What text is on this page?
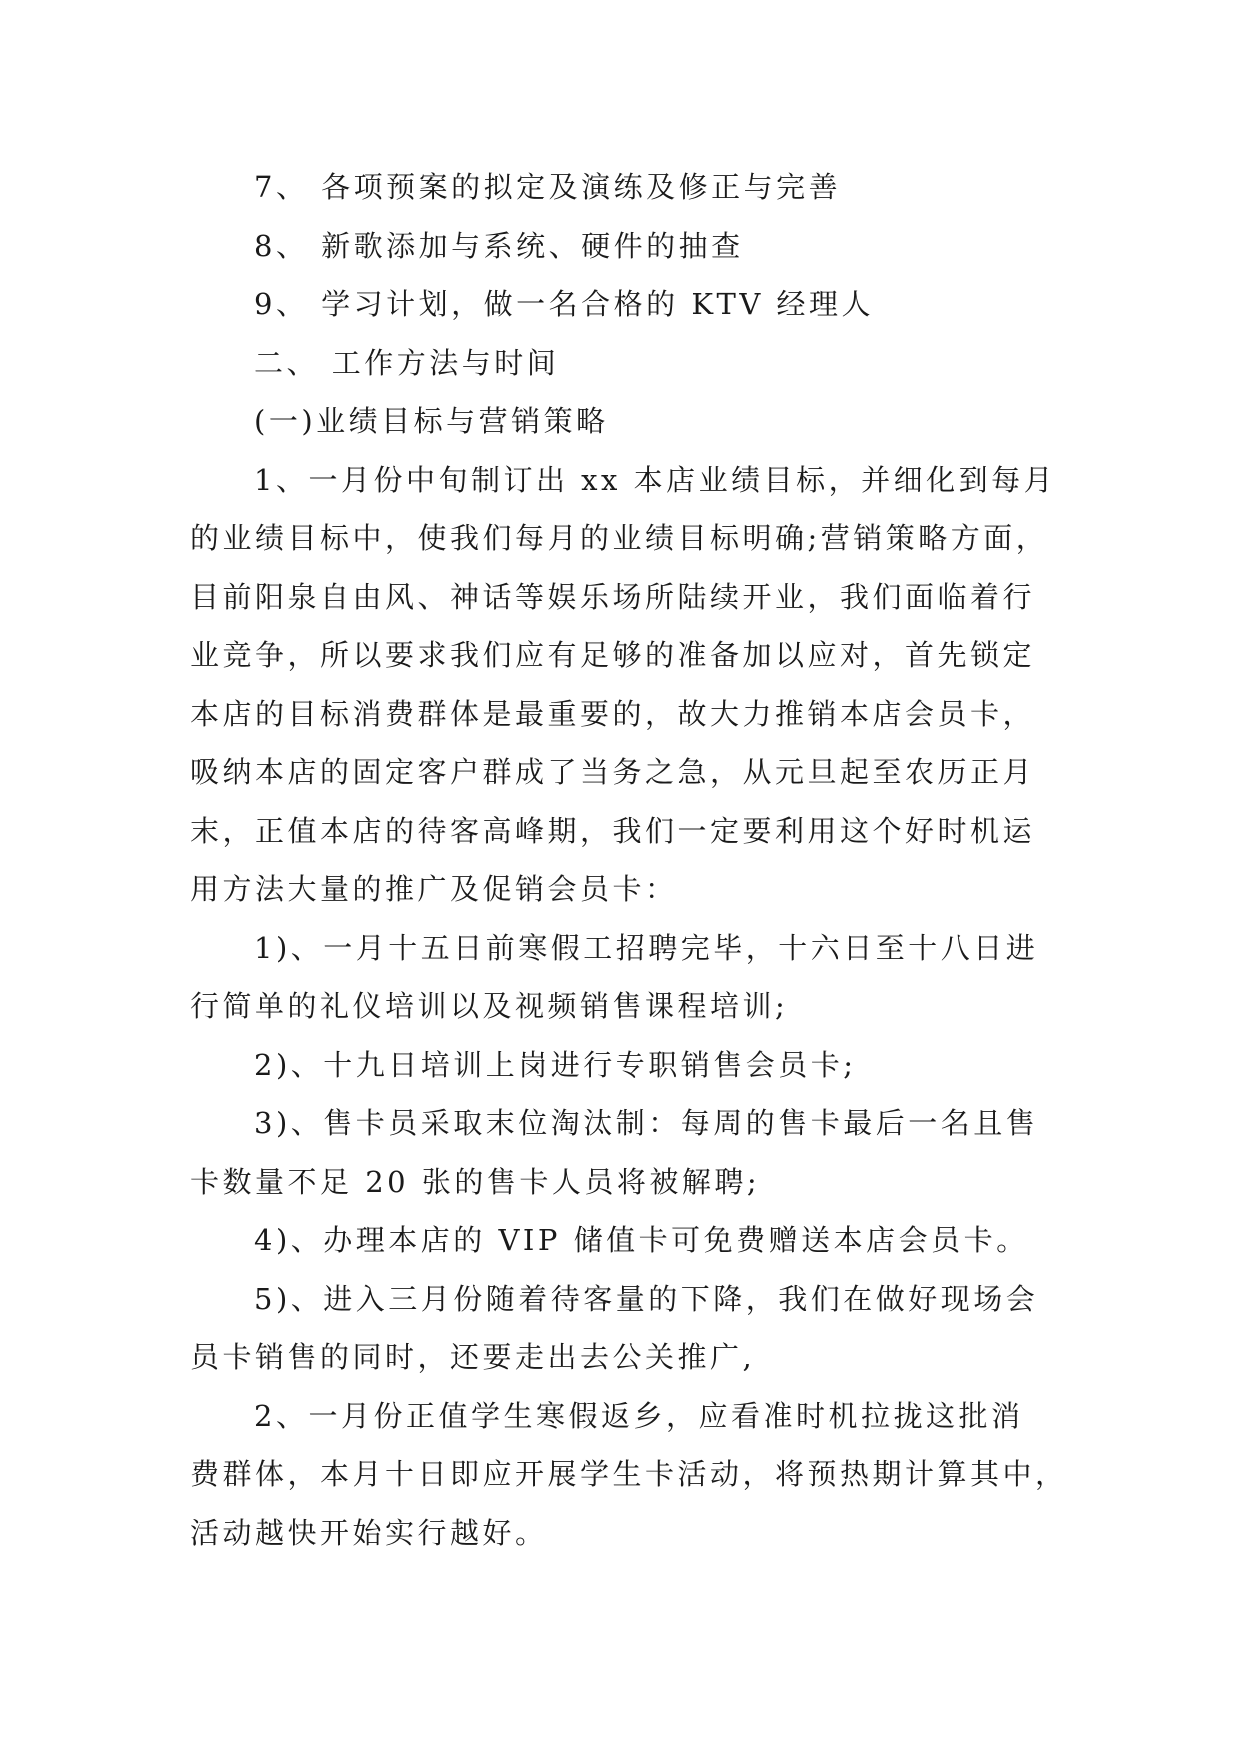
7、 各项预案的拟定及演练及修正与完善
8、 新歌添加与系统、硬件的抽查
9、 学习计划，做一名合格的 KTV 经理人
二、 工作方法与时间
(一)业绩目标与营销策略
1、一月份中旬制订出 xx 本店业绩目标，并细化到每月
的业绩目标中，使我们每月的业绩目标明确;营销策略方面，
目前阳泉自由风、神话等娱乐场所陆续开业，我们面临着行
业竞争，所以要求我们应有足够的准备加以应对，首先锁定
本店的目标消费群体是最重要的，故大力推销本店会员卡，
吸纳本店的固定客户群成了当务之急，从元旦起至农历正月
末，正值本店的待客高峰期，我们一定要利用这个好时机运
用方法大量的推广及促销会员卡：
1)、一月十五日前寒假工招聘完毕，十六日至十八日进
行简单的礼仪培训以及视频销售课程培训;
2)、十九日培训上岗进行专职销售会员卡;
3)、售卡员采取末位淘汰制：每周的售卡最后一名且售
卡数量不足 20 张的售卡人员将被解聘;
4)、办理本店的 VIP 储值卡可免费赠送本店会员卡。
5)、进入三月份随着待客量的下降，我们在做好现场会
员卡销售的同时，还要走出去公关推广,
2、一月份正值学生寒假返乡，应看准时机拉拢这批消
费群体，本月十日即应开展学生卡活动，将预热期计算其中，
活动越快开始实行越好。
